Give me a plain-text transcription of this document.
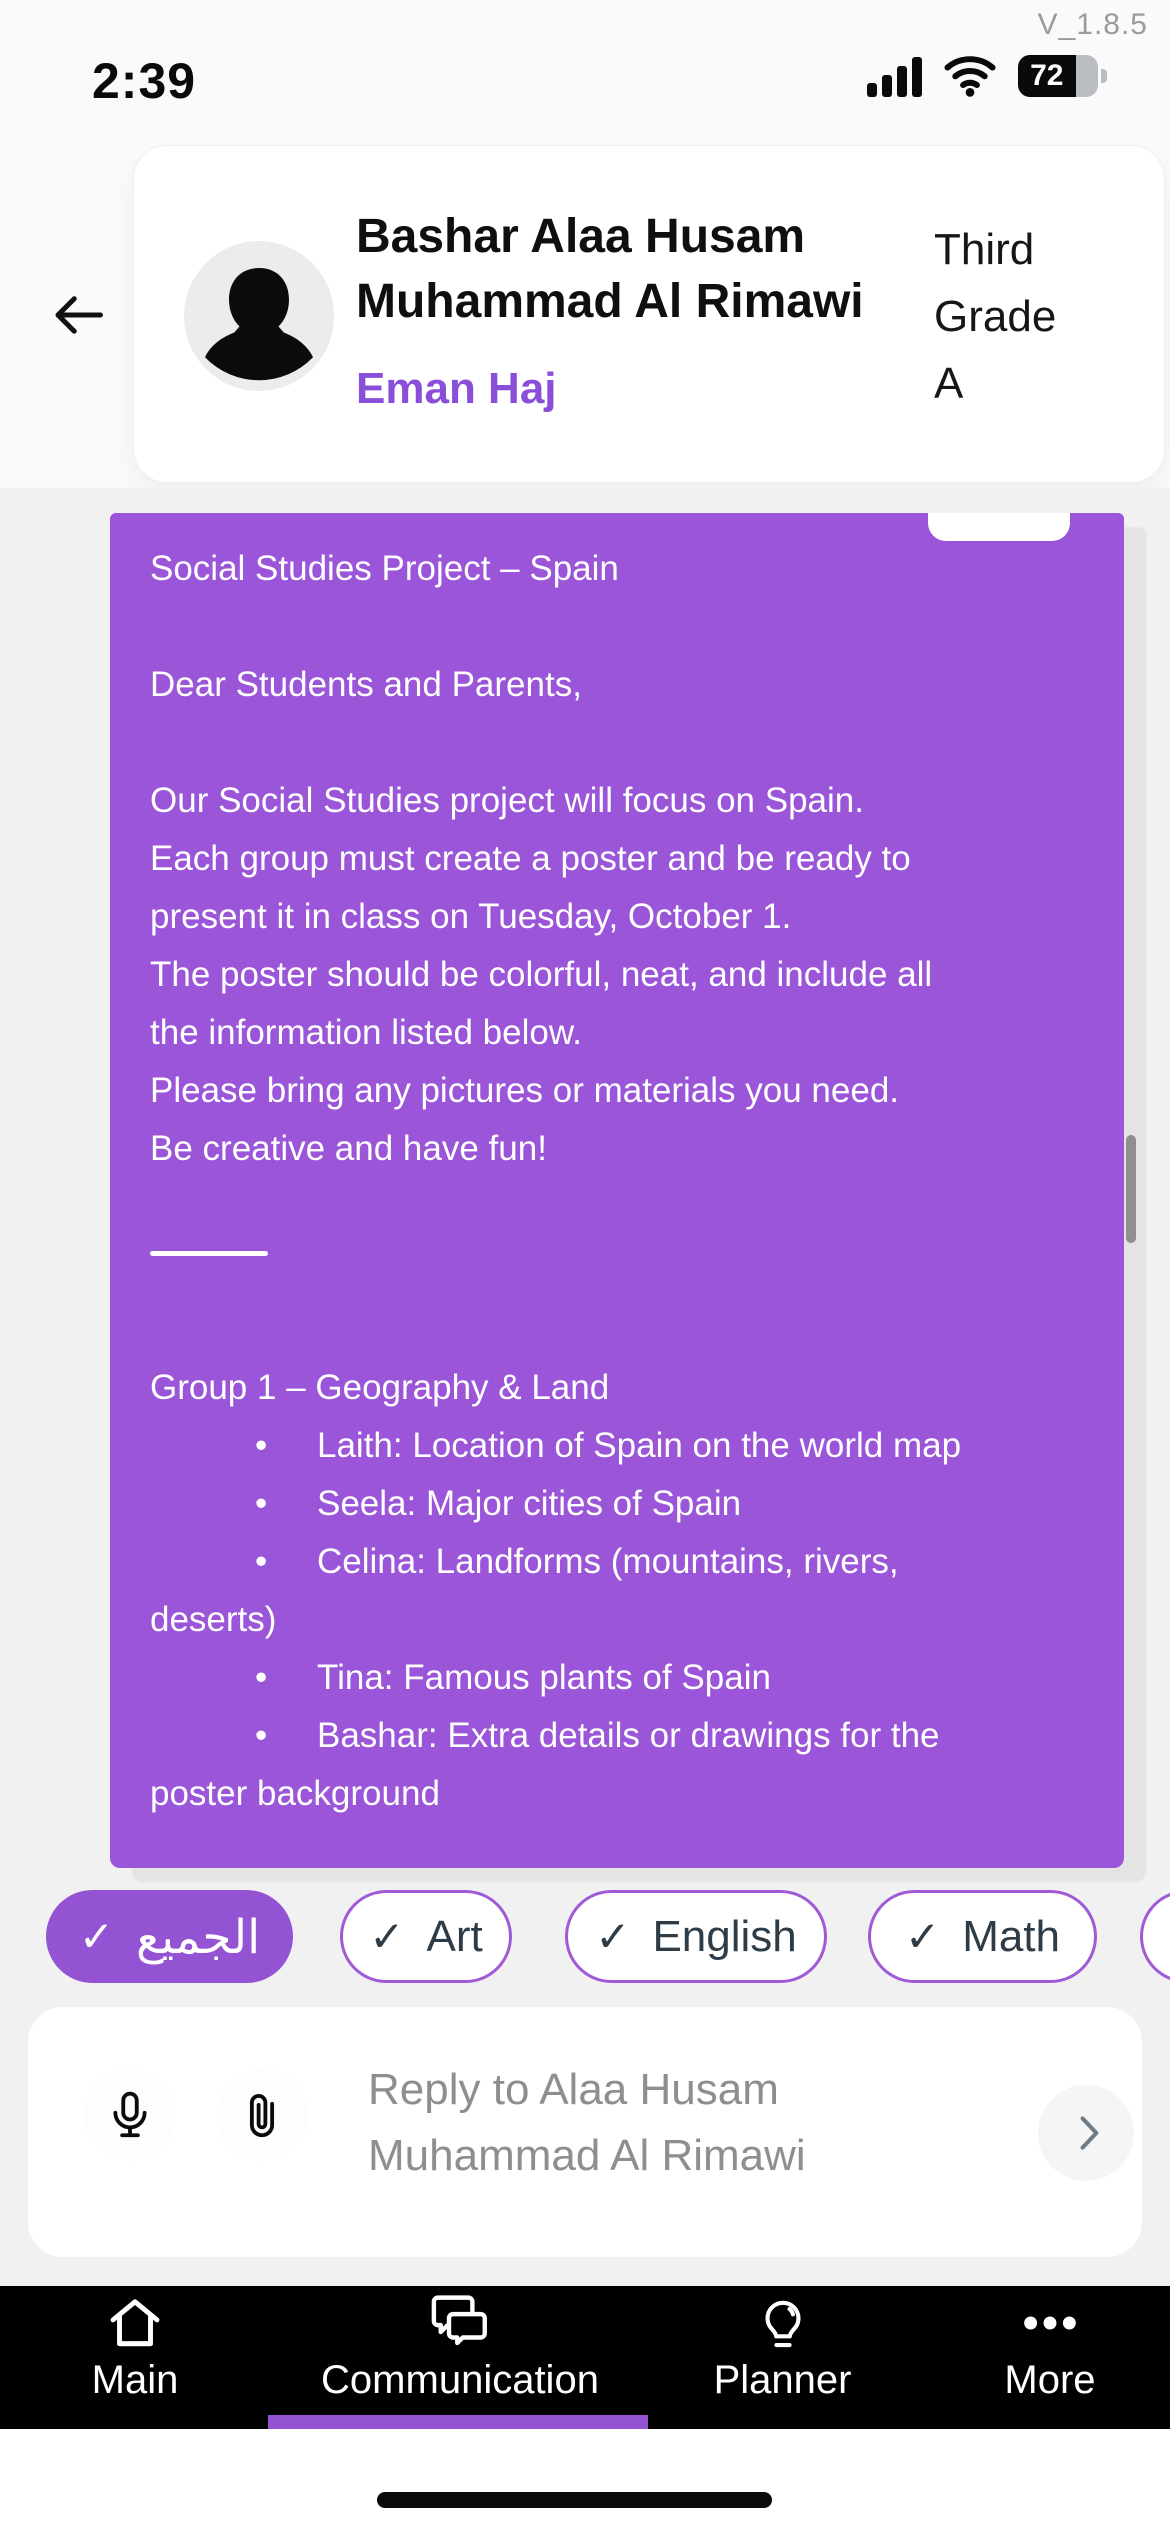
V_1.8.5
2:39	72
Bashar Alaa Husam Muhammad Al Rimawi
Eman Haj
Third Grade A
Social Studies Project – Spain
Dear Students and Parents,
Our Social Studies project will focus on Spain.
Each group must create a poster and be ready to
present it in class on Tuesday, October 1.
The poster should be colorful, neat, and include all
the information listed below.
Please bring any pictures or materials you need.
Be creative and have fun!
Group 1 – Geography & Land
• Laith: Location of Spain on the world map
• Seela: Major cities of Spain
• Celina: Landforms (mountains, rivers,
deserts)
• Tina: Famous plants of Spain
• Bashar: Extra details or drawings for the
poster background
✓ الجميع	✓ Art	✓ English	✓ Math
Reply to Alaa Husam Muhammad Al Rimawi
Main	Communication	Planner	More
